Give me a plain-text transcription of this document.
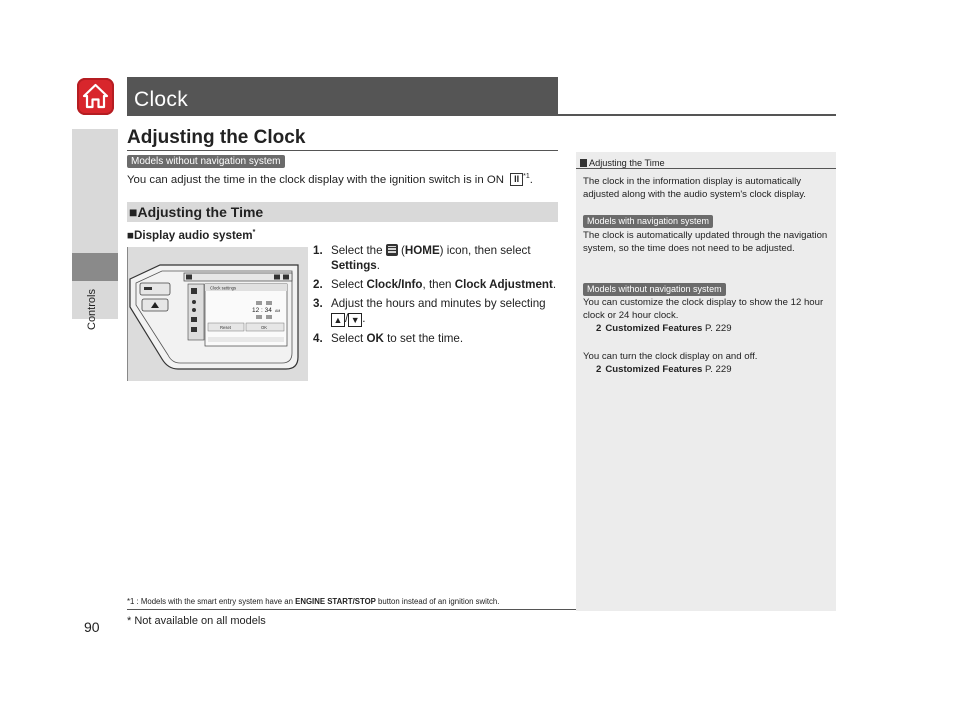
Controls
90
Clock
Adjusting the Clock
Models without navigation system
You can adjust the time in the clock display with the ignition switch is in ON II $^{*1}$.
■Adjusting the Time
■Display audio system*
Clock settings
12 : 34 AM
Reset	OK
1. Select the  (HOME) icon, then select Settings.
2. Select Clock/Info, then Clock Adjustment.
3. Adjust the hours and minutes by selecting ▲ / ▼ .
4. Select OK to set the time.
*1 : Models with the smart entry system have an ENGINE START/STOP button instead of an ignition switch.
* Not available on all models
Adjusting the Time
The clock in the information display is automatically adjusted along with the audio system's clock display.
Models with navigation system
The clock is automatically updated through the navigation system, so the time does not need to be adjusted.
Models without navigation system
You can customize the clock display to show the 12 hour clock or 24 hour clock.
2 Customized Features P. 229
You can turn the clock display on and off.
2 Customized Features P. 229
